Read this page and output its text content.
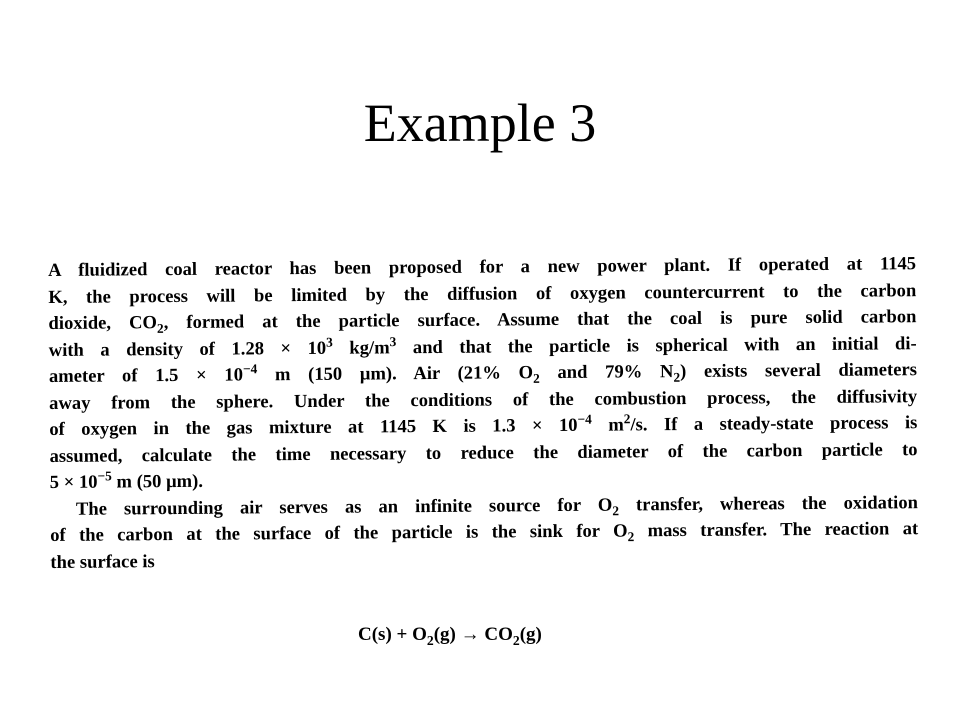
Example 3

A fluidized coal reactor has been proposed for a new power plant. If operated at 1145
K, the process will be limited by the diffusion of oxygen countercurrent to the carbon
dioxide, $CO_2$, formed at the particle surface. Assume that the coal is pure solid carbon
with a density of $1.28 \times 10^3$ $kg/m^3$ and that the particle is spherical with an initial di-
ameter of $1.5 \times 10^{-4}$ m (150 μm). Air (21% $O_2$ and 79% $N_2$) exists several diameters
away from the sphere. Under the conditions of the combustion process, the diffusivity
of oxygen in the gas mixture at 1145 K is $1.3 \times 10^{-4}$ $m^2/s$. If a steady-state process is
assumed, calculate the time necessary to reduce the diameter of the carbon particle to
$5 \times 10^{-5}$ m (50 μm).

The surrounding air serves as an infinite source for $O_2$ transfer, whereas the oxidation
of the carbon at the surface of the particle is the sink for $O_2$ mass transfer. The reaction at
the surface is

$C(s) + O_2(g) \to CO_2(g)$
